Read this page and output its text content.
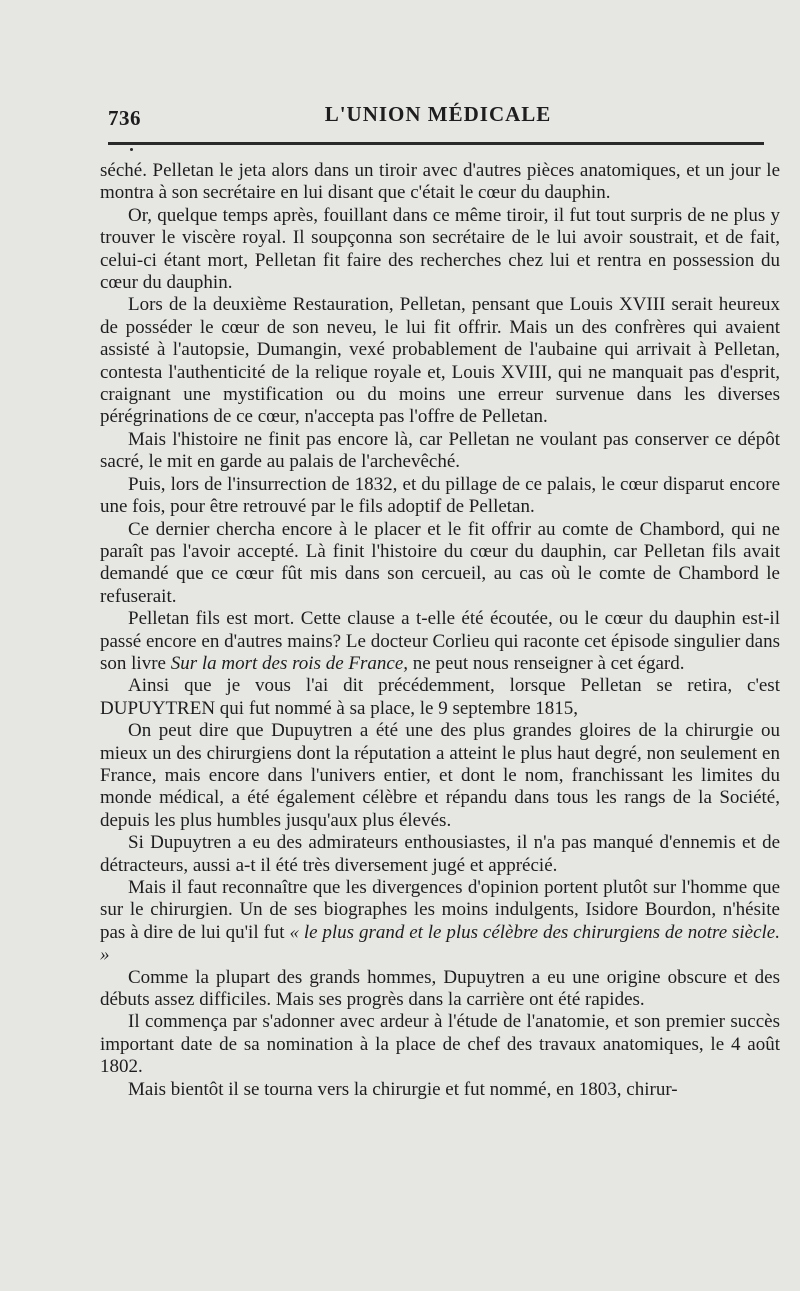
736	L'UNION MÉDICALE

séché. Pelletan le jeta alors dans un tiroir avec d'autres pièces anatomiques, et un jour le montra à son secrétaire en lui disant que c'était le cœur du dauphin.

Or, quelque temps après, fouillant dans ce même tiroir, il fut tout surpris de ne plus y trouver le viscère royal. Il soupçonna son secrétaire de le lui avoir soustrait, et de fait, celui-ci étant mort, Pelletan fit faire des recherches chez lui et rentra en possession du cœur du dauphin.

Lors de la deuxième Restauration, Pelletan, pensant que Louis XVIII serait heureux de posséder le cœur de son neveu, le lui fit offrir. Mais un des confrères qui avaient assisté à l'autopsie, Dumangin, vexé probablement de l'aubaine qui arrivait à Pelletan, contesta l'authenticité de la relique royale et, Louis XVIII, qui ne manquait pas d'esprit, craignant une mystification ou du moins une erreur survenue dans les diverses pérégrinations de ce cœur, n'accepta pas l'offre de Pelletan.

Mais l'histoire ne finit pas encore là, car Pelletan ne voulant pas conserver ce dépôt sacré, le mit en garde au palais de l'archevêché.

Puis, lors de l'insurrection de 1832, et du pillage de ce palais, le cœur disparut encore une fois, pour être retrouvé par le fils adoptif de Pelletan.

Ce dernier chercha encore à le placer et le fit offrir au comte de Chambord, qui ne paraît pas l'avoir accepté. Là finit l'histoire du cœur du dauphin, car Pelletan fils avait demandé que ce cœur fût mis dans son cercueil, au cas où le comte de Chambord le refuserait.

Pelletan fils est mort. Cette clause a t-elle été écoutée, ou le cœur du dauphin est-il passé encore en d'autres mains? Le docteur Corlieu qui raconte cet épisode singulier dans son livre Sur la mort des rois de France, ne peut nous renseigner à cet égard.

Ainsi que je vous l'ai dit précédemment, lorsque Pelletan se retira, c'est DUPUYTREN qui fut nommé à sa place, le 9 septembre 1815,

On peut dire que Dupuytren a été une des plus grandes gloires de la chirurgie ou mieux un des chirurgiens dont la réputation a atteint le plus haut degré, non seulement en France, mais encore dans l'univers entier, et dont le nom, franchissant les limites du monde médical, a été également célèbre et répandu dans tous les rangs de la Société, depuis les plus humbles jusqu'aux plus élevés.

Si Dupuytren a eu des admirateurs enthousiastes, il n'a pas manqué d'ennemis et de détracteurs, aussi a-t il été très diversement jugé et apprécié.

Mais il faut reconnaître que les divergences d'opinion portent plutôt sur l'homme que sur le chirurgien. Un de ses biographes les moins indulgents, Isidore Bourdon, n'hésite pas à dire de lui qu'il fut « le plus grand et le plus célèbre des chirurgiens de notre siècle. »

Comme la plupart des grands hommes, Dupuytren a eu une origine obscure et des débuts assez difficiles. Mais ses progrès dans la carrière ont été rapides.

Il commença par s'adonner avec ardeur à l'étude de l'anatomie, et son premier succès important date de sa nomination à la place de chef des travaux anatomiques, le 4 août 1802.

Mais bientôt il se tourna vers la chirurgie et fut nommé, en 1803, chirur-
